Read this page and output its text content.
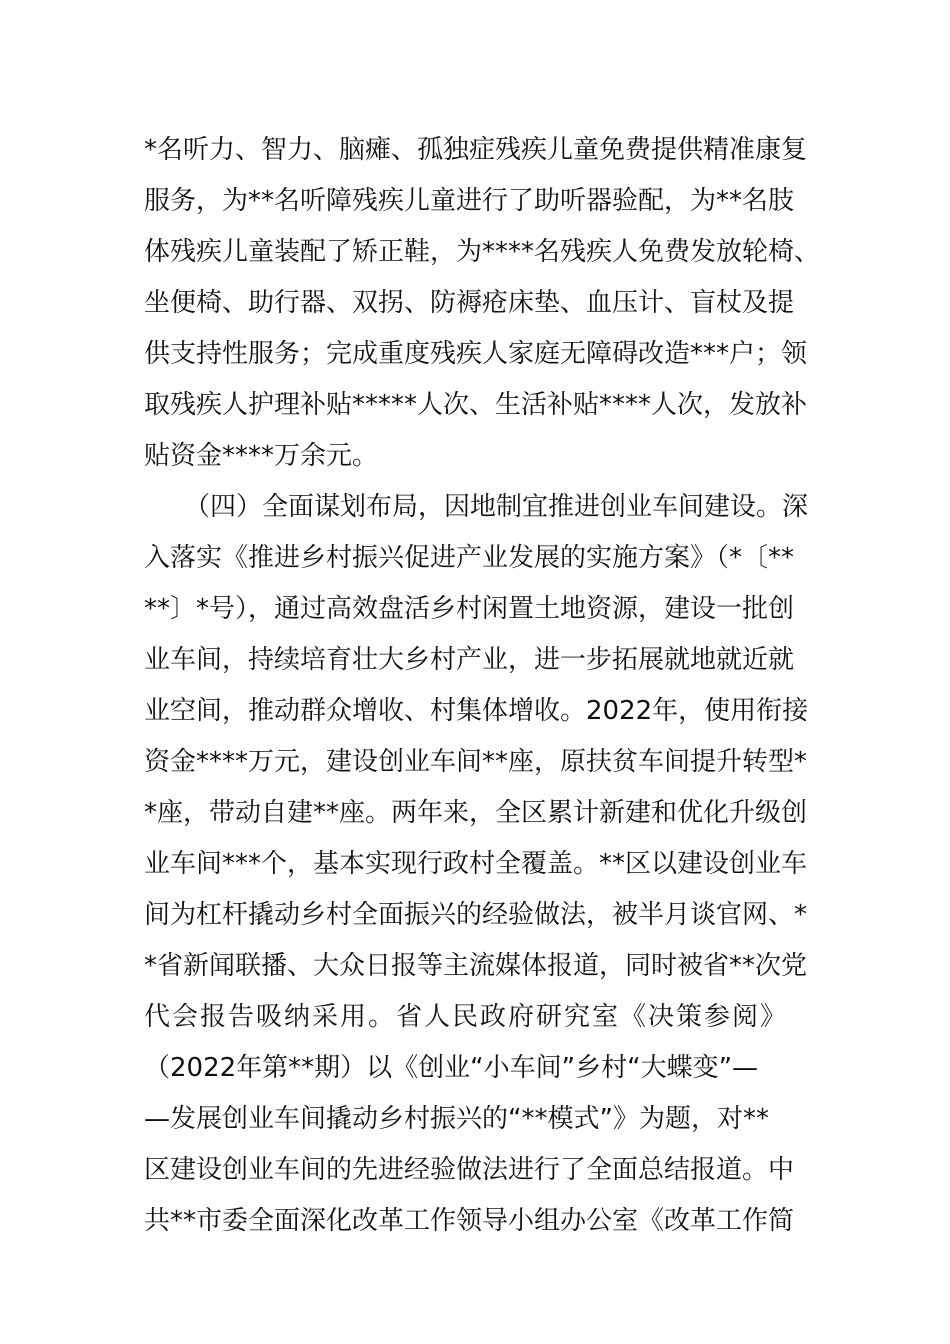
*名听力、智力、脑瘫、孤独症残疾儿童免费提供精准康复
服务，为**名听障残疾儿童进行了助听器验配，为**名肢
体残疾儿童装配了矫正鞋，为****名残疾人免费发放轮椅、
坐便椅、助行器、双拐、防褥疮床垫、血压计、盲杖及提
供支持性服务；完成重度残疾人家庭无障碍改造***户；领
取残疾人护理补贴*****人次、生活补贴****人次，发放补
贴资金****万余元。
（四）全面谋划布局，因地制宜推进创业车间建设。深
入落实《推进乡村振兴促进产业发展的实施方案》（*〔**
**〕*号），通过高效盘活乡村闲置土地资源，建设一批创
业车间，持续培育壮大乡村产业，进一步拓展就地就近就
业空间，推动群众增收、村集体增收。2022年，使用衔接
资金****万元，建设创业车间**座，原扶贫车间提升转型*
*座，带动自建**座。两年来，全区累计新建和优化升级创
业车间***个，基本实现行政村全覆盖。**区以建设创业车
间为杠杆撬动乡村全面振兴的经验做法，被半月谈官网、*
*省新闻联播、大众日报等主流媒体报道，同时被省**次党
代会报告吸纳采用。省人民政府研究室《决策参阅》
（2022年第**期）以《创业“小车间”乡村“大蝶变”—
—发展创业车间撬动乡村振兴的“**模式”》为题，对**
区建设创业车间的先进经验做法进行了全面总结报道。中
共**市委全面深化改革工作领导小组办公室《改革工作简
